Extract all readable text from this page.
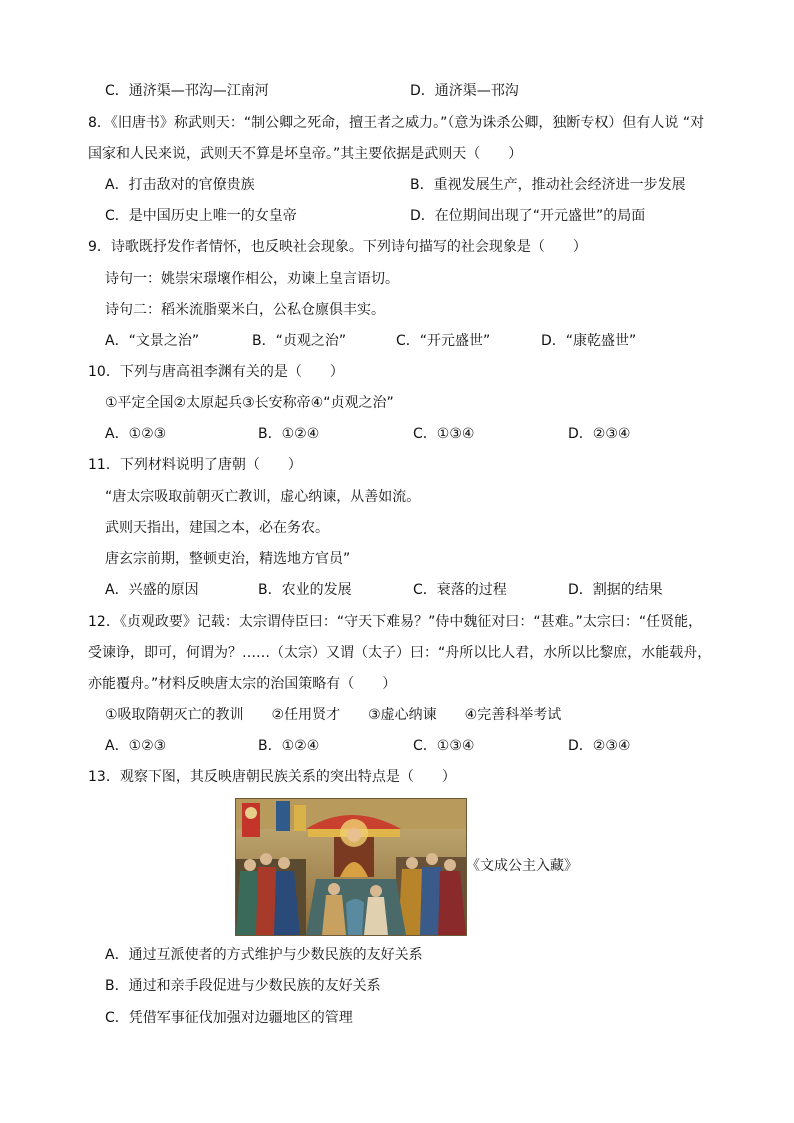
C．通济渠—邗沟—江南河	D．通济渠—邗沟
8．《旧唐书》称武则天：“制公卿之死命，擅王者之威力。”（意为诛杀公卿，独断专权）但有人说 “对
国家和人民来说，武则天不算是坏皇帝。”其主要依据是武则天（　　）
A．打击敌对的官僚贵族	B．重视发展生产，推动社会经济进一步发展
C．是中国历史上唯一的女皇帝	D．在位期间出现了“开元盛世”的局面
9．诗歌既抒发作者情怀，也反映社会现象。下列诗句描写的社会现象是（　　）
诗句一：姚崇宋璟壞作相公，劝谏上皇言语切。
诗句二：稻米流脂粟米白，公私仓廪俱丰实。
A．“文景之治”	B．“贞观之治”	C．“开元盛世”	D．“康乾盛世”
10．下列与唐高祖李渊有关的是（　　）
①平定全国②太原起兵③长安称帝④“贞观之治”
A．①②③	B．①②④	C．①③④	D．②③④
11．下列材料说明了唐朝（　　）
“唐太宗吸取前朝灭亡教训，虚心纳谏，从善如流。
武则天指出，建国之本，必在务农。
唐玄宗前期，整顿吏治，精选地方官员”
A．兴盛的原因	B．农业的发展	C．衰落的过程	D．割据的结果
12．《贞观政要》记载：太宗谓侍臣曰：“守天下难易？”侍中魏征对曰：“甚难。”太宗曰：“任贤能，
受谏诤，即可，何谓为？……（太宗）又谓（太子）曰：“舟所以比人君，水所以比黎庶，水能载舟，
亦能覆舟。”材料反映唐太宗的治国策略有（　　）
①吸取隋朝灭亡的教训　　②任用贤才　　③虚心纳谏　　④完善科举考试
A．①②③	B．①②④	C．①③④	D．②③④
13．观察下图，其反映唐朝民族关系的突出特点是（　　）
《文成公主入藏》
A．通过互派使者的方式维护与少数民族的友好关系
B．通过和亲手段促进与少数民族的友好关系
C．凭借军事征伐加强对边疆地区的管理
